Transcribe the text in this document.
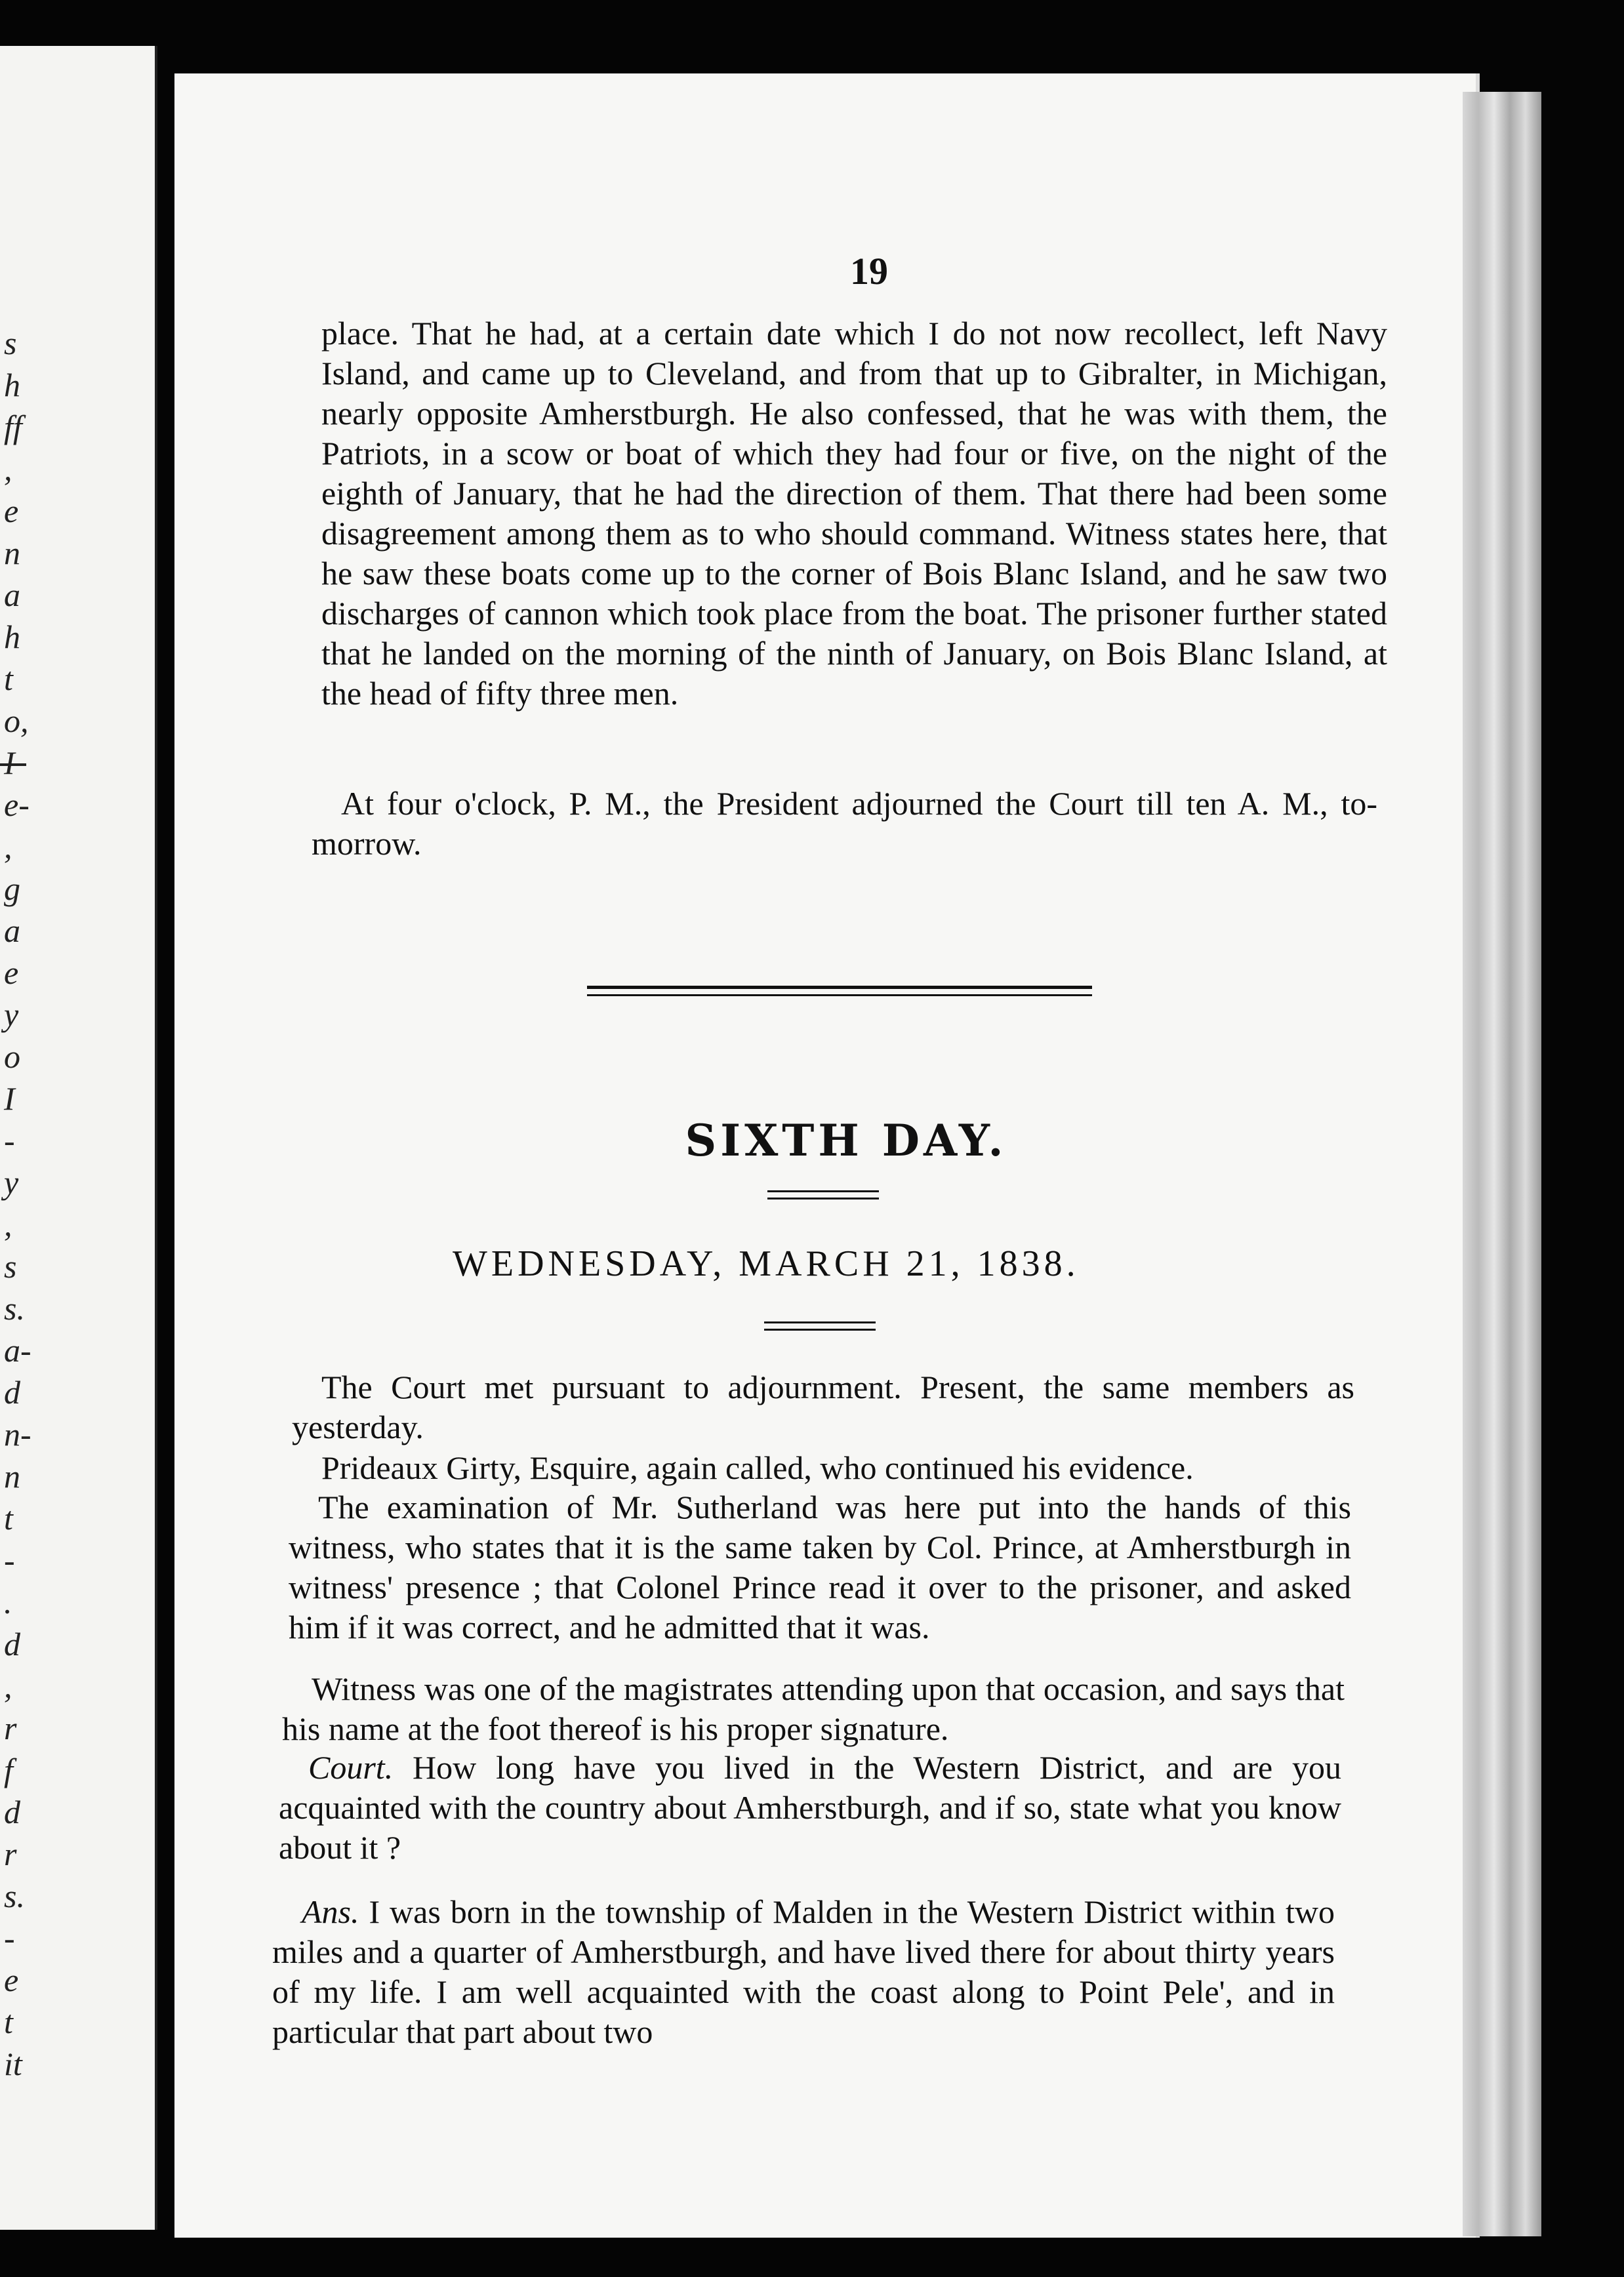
s
h
ff
,
e
n
a
h
t
o,
I
e-
,
g
a
e
y
o
I
-
y
,
s
s.
a-
d
n-
n
t
-
.
d
,
r
f
d
r
s.
-
e
t
it
19
place. That he had, at a certain date which I do not now recollect, left Navy Island, and came up to Cleveland, and from that up to Gibralter, in Michigan, nearly opposite Amherstburgh. He also confessed, that he was with them, the Patriots, in a scow or boat of which they had four or five, on the night of the eighth of January, that he had the direction of them. That there had been some disagreement among them as to who should command. Witness states here, that he saw these boats come up to the corner of Bois Blanc Island, and he saw two discharges of cannon which took place from the boat. The prisoner further stated that he landed on the morning of the ninth of January, on Bois Blanc Island, at the head of fifty three men.
At four o'clock, P. M., the President adjourned the Court till ten A. M., to-morrow.
SIXTH DAY.
WEDNESDAY, MARCH 21, 1838.
The Court met pursuant to adjournment. Present, the same members as yesterday.
Prideaux Girty, Esquire, again called, who continued his evidence.
The examination of Mr. Sutherland was here put into the hands of this witness, who states that it is the same taken by Col. Prince, at Amherstburgh in witness' presence ; that Colonel Prince read it over to the prisoner, and asked him if it was correct, and he admitted that it was.
Witness was one of the magistrates attending upon that occasion, and says that his name at the foot thereof is his proper signature.
Court. How long have you lived in the Western District, and are you acquainted with the country about Amherstburgh, and if so, state what you know about it ?
Ans. I was born in the township of Malden in the Western District within two miles and a quarter of Amherstburgh, and have lived there for about thirty years of my life. I am well acquainted with the coast along to Point Pele', and in particular that part about two
